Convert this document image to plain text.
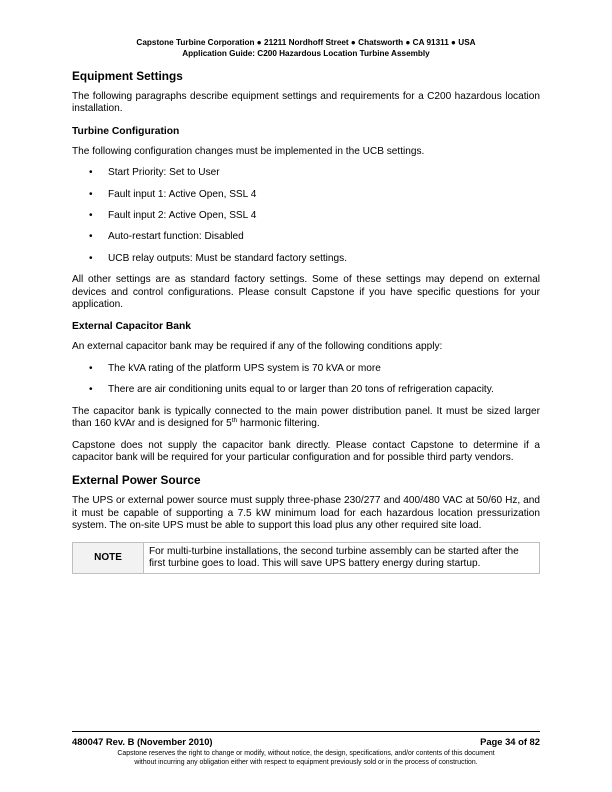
Capstone Turbine Corporation ● 21211 Nordhoff Street ● Chatsworth ● CA 91311 ● USA
Application Guide: C200 Hazardous Location Turbine Assembly
Equipment Settings

The following paragraphs describe equipment settings and requirements for a C200 hazardous location installation.

Turbine Configuration

The following configuration changes must be implemented in the UCB settings.

• Start Priority: Set to User
• Fault input 1: Active Open, SSL 4
• Fault input 2: Active Open, SSL 4
• Auto-restart function: Disabled
• UCB relay outputs: Must be standard factory settings.

All other settings are as standard factory settings. Some of these settings may depend on external devices and control configurations. Please consult Capstone if you have specific questions for your application.

External Capacitor Bank

An external capacitor bank may be required if any of the following conditions apply:

• The kVA rating of the platform UPS system is 70 kVA or more
• There are air conditioning units equal to or larger than 20 tons of refrigeration capacity.

The capacitor bank is typically connected to the main power distribution panel. It must be sized larger than 160 kVAr and is designed for 5th harmonic filtering.

Capstone does not supply the capacitor bank directly. Please contact Capstone to determine if a capacitor bank will be required for your particular configuration and for possible third party vendors.

External Power Source

The UPS or external power source must supply three-phase 230/277 and 400/480 VAC at 50/60 Hz, and it must be capable of supporting a 7.5 kW minimum load for each hazardous location pressurization system. The on-site UPS must be able to support this load plus any other required site load.

NOTE	For multi-turbine installations, the second turbine assembly can be started after the first turbine goes to load. This will save UPS battery energy during startup.
480047 Rev. B (November 2010)	Page 34 of 82
Capstone reserves the right to change or modify, without notice, the design, specifications, and/or contents of this document
without incurring any obligation either with respect to equipment previously sold or in the process of construction.
